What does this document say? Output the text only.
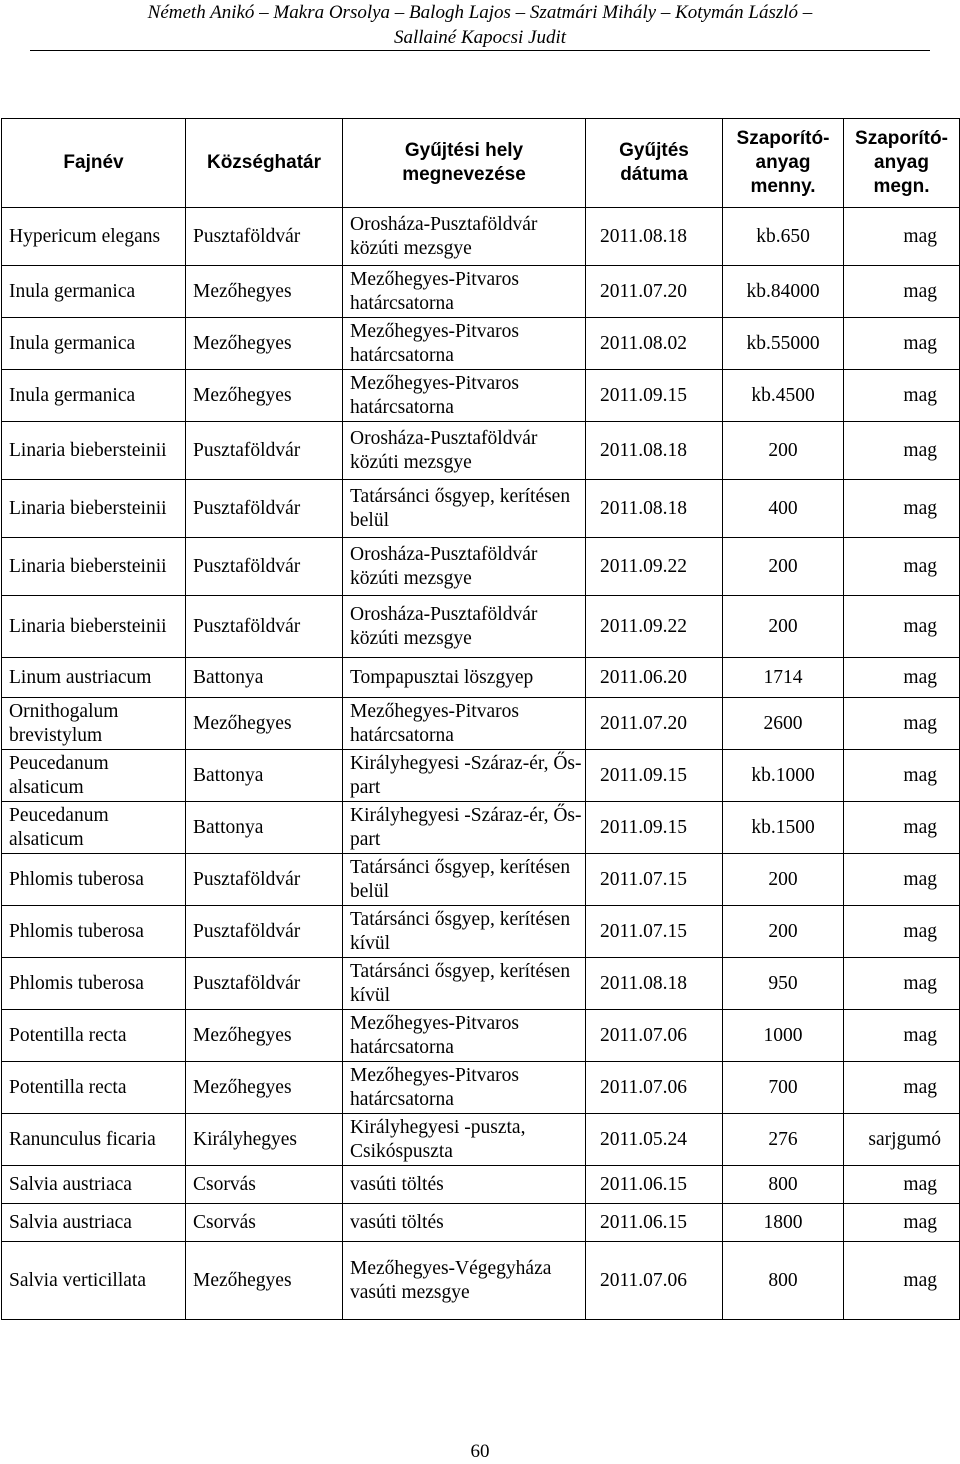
Németh Anikó – Makra Orsolya – Balogh Lajos – Szatmári Mihály – Kotymán László –
Sallainé Kapocsi Judit
Fajnév	Községhatár	Gyűjtési hely megnevezése	Gyűjtés dátuma	Szaporító-anyag menny.	Szaporító-anyag megn.
Hypericum elegans	Pusztaföldvár	Orosháza-Pusztaföldvár közúti mezsgye	2011.08.18	kb.650	mag
Inula germanica	Mezőhegyes	Mezőhegyes-Pitvaros határcsatorna	2011.07.20	kb.84000	mag
Inula germanica	Mezőhegyes	Mezőhegyes-Pitvaros határcsatorna	2011.08.02	kb.55000	mag
Inula germanica	Mezőhegyes	Mezőhegyes-Pitvaros határcsatorna	2011.09.15	kb.4500	mag
Linaria biebersteinii	Pusztaföldvár	Orosháza-Pusztaföldvár közúti mezsgye	2011.08.18	200	mag
Linaria biebersteinii	Pusztaföldvár	Tatársánci ősgyep, kerítésen belül	2011.08.18	400	mag
Linaria biebersteinii	Pusztaföldvár	Orosháza-Pusztaföldvár közúti mezsgye	2011.09.22	200	mag
Linaria biebersteinii	Pusztaföldvár	Orosháza-Pusztaföldvár közúti mezsgye	2011.09.22	200	mag
Linum austriacum	Battonya	Tompapusztai löszgyep	2011.06.20	1714	mag
Ornithogalum brevistylum	Mezőhegyes	Mezőhegyes-Pitvaros határcsatorna	2011.07.20	2600	mag
Peucedanum alsaticum	Battonya	Királyhegyesi -Száraz-ér, Ős-part	2011.09.15	kb.1000	mag
Peucedanum alsaticum	Battonya	Királyhegyesi -Száraz-ér, Ős-part	2011.09.15	kb.1500	mag
Phlomis tuberosa	Pusztaföldvár	Tatársánci ősgyep, kerítésen belül	2011.07.15	200	mag
Phlomis tuberosa	Pusztaföldvár	Tatársánci ősgyep, kerítésen kívül	2011.07.15	200	mag
Phlomis tuberosa	Pusztaföldvár	Tatársánci ősgyep, kerítésen kívül	2011.08.18	950	mag
Potentilla recta	Mezőhegyes	Mezőhegyes-Pitvaros határcsatorna	2011.07.06	1000	mag
Potentilla recta	Mezőhegyes	Mezőhegyes-Pitvaros határcsatorna	2011.07.06	700	mag
Ranunculus ficaria	Királyhegyes	Királyhegyesi -puszta, Csikóspuszta	2011.05.24	276	sarjgumó
Salvia austriaca	Csorvás	vasúti töltés	2011.06.15	800	mag
Salvia austriaca	Csorvás	vasúti töltés	2011.06.15	1800	mag
Salvia verticillata	Mezőhegyes	Mezőhegyes-Végegyháza vasúti mezsgye	2011.07.06	800	mag
60
